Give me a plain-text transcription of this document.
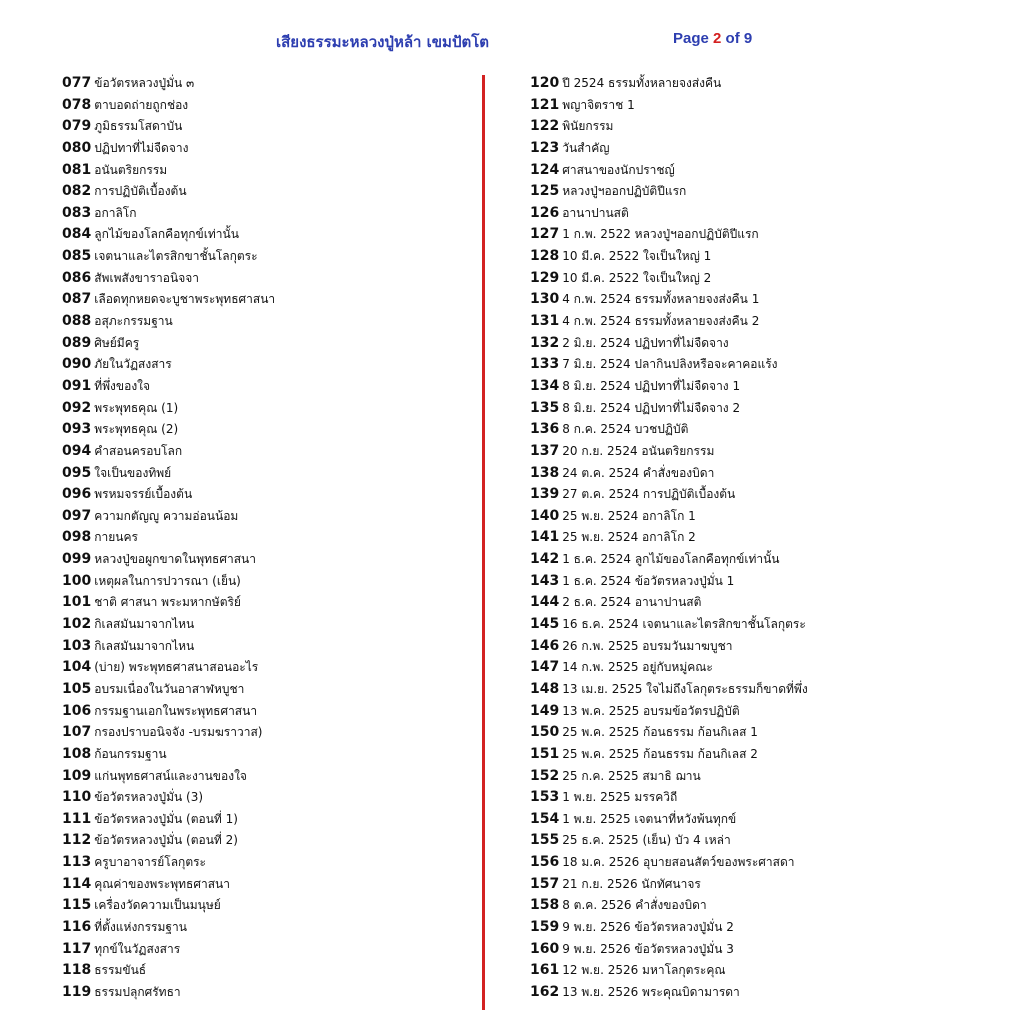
เสียงธรรมะหลวงปู่หล้า เขมปัตโต	Page 2 of 9
077 ข้อวัตรหลวงปู่มั่น ๓
078 ตาบอดถ่ายถูกช่อง
079 ภูมิธรรมโสดาบัน
080 ปฏิปทาที่ไม่จืดจาง
081 อนันตริยกรรม
082 การปฏิบัติเบื้องต้น
083 อกาลิโก
084 ลูกไม้ของโลกคือทุกข์เท่านั้น
085 เจตนาและไตรสิกขาชั้นโลกุตระ
086 สัพเพสังขาราอนิจจา
087 เลือดทุกหยดจะบูชาพระพุทธศาสนา
088 อสุภะกรรมฐาน
089 ศิษย์มีครู
090 ภัยในวัฏสงสาร
091 ที่พึ่งของใจ
092 พระพุทธคุณ (1)
093 พระพุทธคุณ (2)
094 คำสอนครอบโลก
095 ใจเป็นของทิพย์
096 พรหมจรรย์เบื้องต้น
097 ความกตัญญู ความอ่อนน้อม
098 กายนคร
099 หลวงปู่ขอผูกขาดในพุทธศาสนา
100 เหตุผลในการปวารณา (เย็น)
101 ชาติ ศาสนา พระมหากษัตริย์
102 กิเลสมันมาจากไหน
103 กิเลสมันมาจากไหน
104 (บ่าย) พระพุทธศาสนาสอนอะไร
105 อบรมเนื่องในวันอาสาฬหบูชา
106 กรรมฐานเอกในพระพุทธศาสนา
107 กรองปราบอนิจจัง -บรมฆราวาส)
108 ก้อนกรรมฐาน
109 แก่นพุทธศาสน์และงานของใจ
110 ข้อวัตรหลวงปู่มั่น (3)
111 ข้อวัตรหลวงปู่มั่น (ตอนที่ 1)
112 ข้อวัตรหลวงปู่มั่น (ตอนที่ 2)
113 ครูบาอาจารย์โลกุตระ
114 คุณค่าของพระพุทธศาสนา
115 เครื่องวัดความเป็นมนุษย์
116 ที่ตั้งแห่งกรรมฐาน
117 ทุกข์ในวัฏสงสาร
118 ธรรมขันธ์
119 ธรรมปลุกศรัทธา
120 ปี 2524 ธรรมทั้งหลายจงส่งคืน
121 พญาจิตราช 1
122 พินัยกรรม
123 วันสำคัญ
124 ศาสนาของนักปราชญ์
125 หลวงปู่ฯออกปฏิบัติปีแรก
126 อานาปานสติ
127 1 ก.พ. 2522 หลวงปู่ฯออกปฏิบัติปีแรก
128 10 มี.ค. 2522 ใจเป็นใหญ่ 1
129 10 มี.ค. 2522 ใจเป็นใหญ่ 2
130 4 ก.พ. 2524 ธรรมทั้งหลายจงส่งคืน 1
131 4 ก.พ. 2524 ธรรมทั้งหลายจงส่งคืน 2
132 2 มิ.ย. 2524 ปฏิปทาที่ไม่จืดจาง
133 7 มิ.ย. 2524 ปลากินปลิงหรือจะคาคอแร้ง
134 8 มิ.ย. 2524 ปฏิปทาที่ไม่จืดจาง 1
135 8 มิ.ย. 2524 ปฏิปทาที่ไม่จืดจาง 2
136 8 ก.ค. 2524 บวชปฏิบัติ
137 20 ก.ย. 2524 อนันตริยกรรม
138 24 ต.ค. 2524 คำสั่งของบิดา
139 27 ต.ค. 2524 การปฏิบัติเบื้องต้น
140 25 พ.ย. 2524 อกาลิโก 1
141 25 พ.ย. 2524 อกาลิโก 2
142 1 ธ.ค. 2524 ลูกไม้ของโลกคือทุกข์เท่านั้น
143 1 ธ.ค. 2524 ข้อวัตรหลวงปู่มั่น 1
144 2 ธ.ค. 2524 อานาปานสติ
145 16 ธ.ค. 2524 เจตนาและไตรสิกขาชั้นโลกุตระ
146 26 ก.พ. 2525 อบรมวันมาฆบูชา
147 14 ก.พ. 2525 อยู่กับหมู่คณะ
148 13 เม.ย. 2525 ใจไม่ถึงโลกุตระธรรมก็ขาดที่พึ่ง
149 13 พ.ค. 2525 อบรมข้อวัตรปฏิบัติ
150 25 พ.ค. 2525 ก้อนธรรม ก้อนกิเลส 1
151 25 พ.ค. 2525 ก้อนธรรม ก้อนกิเลส 2
152 25 ก.ค. 2525 สมาธิ ฌาน
153 1 พ.ย. 2525 มรรควิถี
154 1 พ.ย. 2525 เจตนาที่หวังพ้นทุกข์
155 25 ธ.ค. 2525 (เย็น) บัว 4 เหล่า
156 18 ม.ค. 2526 อุบายสอนสัตว์ของพระศาสดา
157 21 ก.ย. 2526 นักทัศนาจร
158 8 ต.ค. 2526 คำสั่งของบิดา
159 9 พ.ย. 2526 ข้อวัตรหลวงปู่มั่น 2
160 9 พ.ย. 2526 ข้อวัตรหลวงปู่มั่น 3
161 12 พ.ย. 2526 มหาโลกุตระคุณ
162 13 พ.ย. 2526 พระคุณบิดามารดา
